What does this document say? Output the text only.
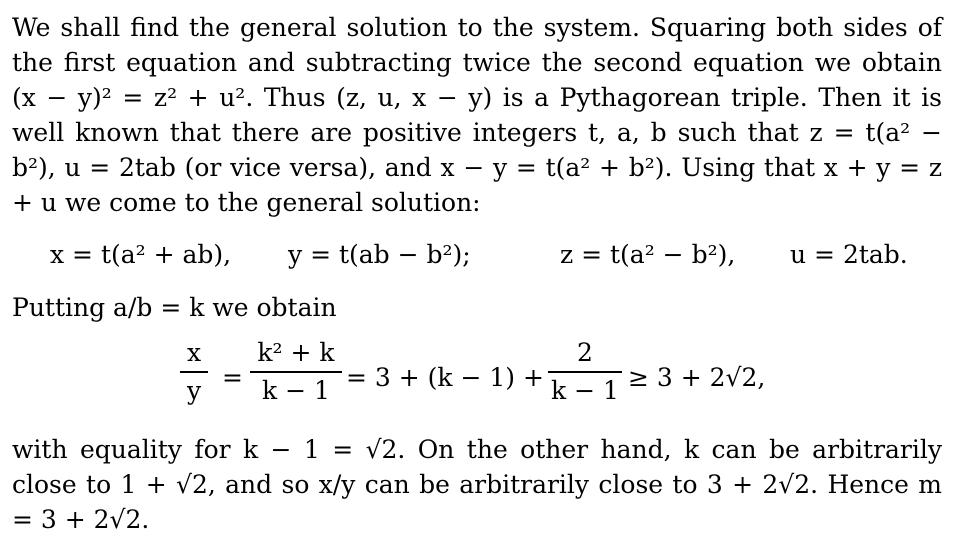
We shall find the general solution to the system. Squaring both sides of the first equation and subtracting twice the second equation we obtain (x − y)² = z² + u². Thus (z, u, x − y) is a Pythagorean triple. Then it is well known that there are positive integers t, a, b such that z = t(a² − b²), u = 2tab (or vice versa), and x − y = t(a² + b²). Using that x + y = z + u we come to the general solution:
x = t(a² + ab), y = t(ab − b²);	z = t(a² − b²), u = 2tab.
Putting a/b = k we obtain
x
y =
k² + k
k − 1 = 3 + (k − 1) +
2
k − 1 ≥ 3 + 2√2,
with equality for k − 1 = √2. On the other hand, k can be arbitrarily close to 1 + √2, and so x/y can be arbitrarily close to 3 + 2√2. Hence m = 3 + 2√2.
